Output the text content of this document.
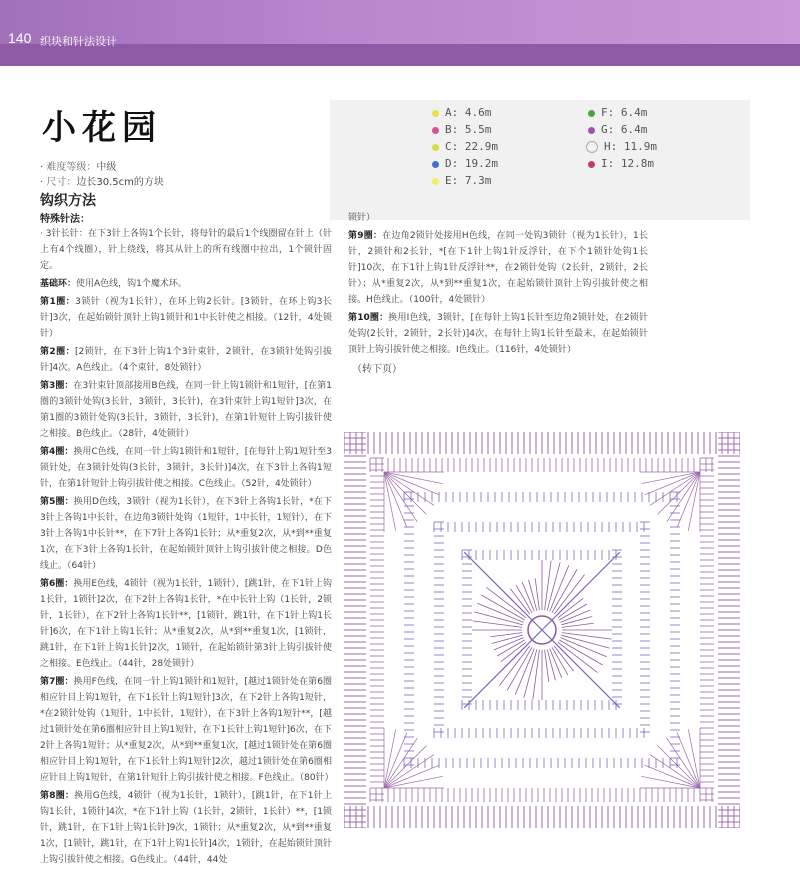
140 织块和针法设计
小花园
· 难度等级：中级
· 尺寸：边长30.5cm的方块
钩织方法
特殊针法：

· 3针长针：在下3针上各钩1个长针，将每针的最后1个线圈留在针上（针上有4个线圈），针上绕线，将其从针上的所有线圈中拉出，1个锁针固定。

基础环：使用A色线，钩1个魔术环。

第1圈：3锁针（视为1长针），在环上钩2长针。[3锁针，在环上钩3长针]3次，在起始锁针顶针上钩1锁针和1中长针使之相接。（12针，4处锁针）

第2圈：[2锁针，在下3针上钩1个3针束针，2锁针，在3锁针处钩引拔针]4次。A色线止。（4个束针，8处锁针）

第3圈：在3针束针顶部接用B色线，在同一针上钩1锁针和1短针，[在第1圈的3锁针处钩(3长针，3锁针，3长针)，在3针束针上钩1短针]3次，在第1圈的3锁针处钩(3长针，3锁针，3长针)，在第1针短针上钩引拔针使之相接。B色线止。（28针，4处锁针）

第4圈：换用C色线，在同一针上钩1锁针和1短针，[在每针上钩1短针至3锁针处，在3锁针处钩(3长针，3锁针，3长针)]4次，在下3针上各钩1短针，在第1针短针上钩引拔针使之相接。C色线止。（52针，4处锁针）

第5圈：换用D色线，3锁针（视为1长针），在下3针上各钩1长针，*在下3针上各钩1中长针，在边角3锁针处钩（1短针，1中长针，1短针），在下3针上各钩1中长针**，在下7针上各钩1长针；从*重复2次，从*到**重复1次，在下3针上各钩1长针，在起始锁针顶针上钩引拔针使之相接。D色线止。（64针）

第6圈：换用E色线，4锁针（视为1长针，1锁针），[跳1针，在下1针上钩1长针，1锁针]2次，在下2针上各钩1长针，*在中长针上钩（1长针，2锁针，1长针），在下2针上各钩1长针**，[1锁针，跳1针，在下1针上钩1长针]6次，在下1针上钩1长针；从*重复2次，从*到**重复1次，[1锁针，跳1针，在下1针上钩1长针]2次，1锁针，在起始锁针第3针上钩引拔针使之相接。E色线止。（44针，28处锁针）

第7圈：换用F色线，在同一针上钩1锁针和1短针，[越过1锁针处在第6圈相应针目上钩1短针，在下1长针上钩1短针]3次，在下2针上各钩1短针，*在2锁针处钩（1短针，1中长针，1短针），在下3针上各钩1短针**，[越过1锁针处在第6圈相应针目上钩1短针，在下1长针上钩1短针]6次，在下2针上各钩1短针；从*重复2次，从*到**重复1次，[越过1锁针处在第6圈相应针目上钩1短针，在下1长针上钩1短针]2次，越过1锁针处在第6圈相应针目上钩1短针，在第1针短针上钩引拔针使之相接。F色线止。（80针）

第8圈：换用G色线，4锁针（视为1长针，1锁针），[跳1针，在下1针上钩1长针，1锁针]4次，*在下1针上钩（1长针，2锁针，1长针）**，[1锁针，跳1针，在下1针上钩1长针]9次，1锁针；从*重复2次，从*到**重复1次，[1锁针，跳1针，在下1针上钩1长针]4次，1锁针，在起始锁针顶针上钩引拔针使之相接。G色线止。（44针，44处

锁针）

第9圈：在边角2锁针处接用H色线，在同一处钩3锁针（视为1长针），1长针，2锁针和2长针，*[在下1针上钩1针反浮针，在下个1锁针处钩1长针]10次，在下1针上钩1针反浮针**，在2锁针处钩（2长针，2锁针，2长针）；从*重复2次，从*到**重复1次，在起始锁针顶针上钩引拔针使之相接。H色线止。（100针，4处锁针）

第10圈：换用I色线，3锁针，[在每针上钩1长针至边角2锁针处，在2锁针处钩(2长针，2锁针，2长针)]4次，在每针上钩1长针至最末，在起始锁针顶针上钩引拔针使之相接。I色线止。（116针，4处锁针）

（转下页）
A: 4.6m
B: 5.5m
C: 22.9m
D: 19.2m
E: 7.3m
F: 6.4m
G: 6.4m
H: 11.9m
I: 12.8m
